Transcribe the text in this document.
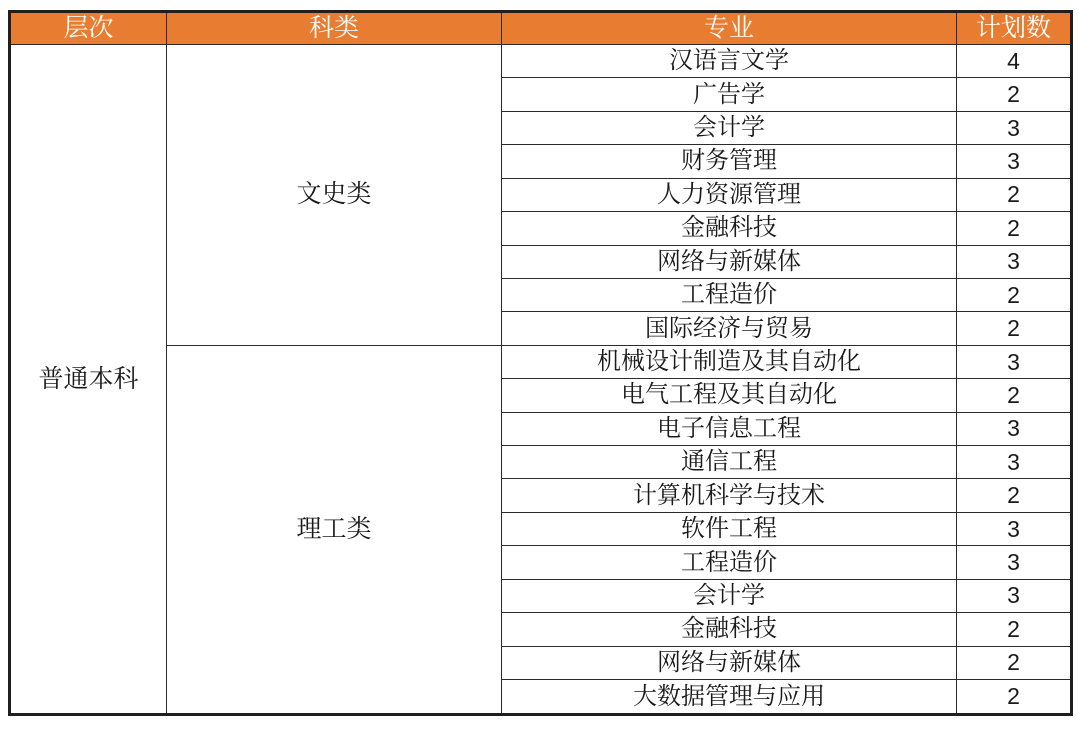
层次	科类	专业	计划数
普通本科	文史类	汉语言文学	4
		广告学	2
		会计学	3
		财务管理	3
		人力资源管理	2
		金融科技	2
		网络与新媒体	3
		工程造价	2
		国际经济与贸易	2
	理工类	机械设计制造及其自动化	3
		电气工程及其自动化	2
		电子信息工程	3
		通信工程	3
		计算机科学与技术	2
		软件工程	3
		工程造价	3
		会计学	3
		金融科技	2
		网络与新媒体	2
		大数据管理与应用	2
